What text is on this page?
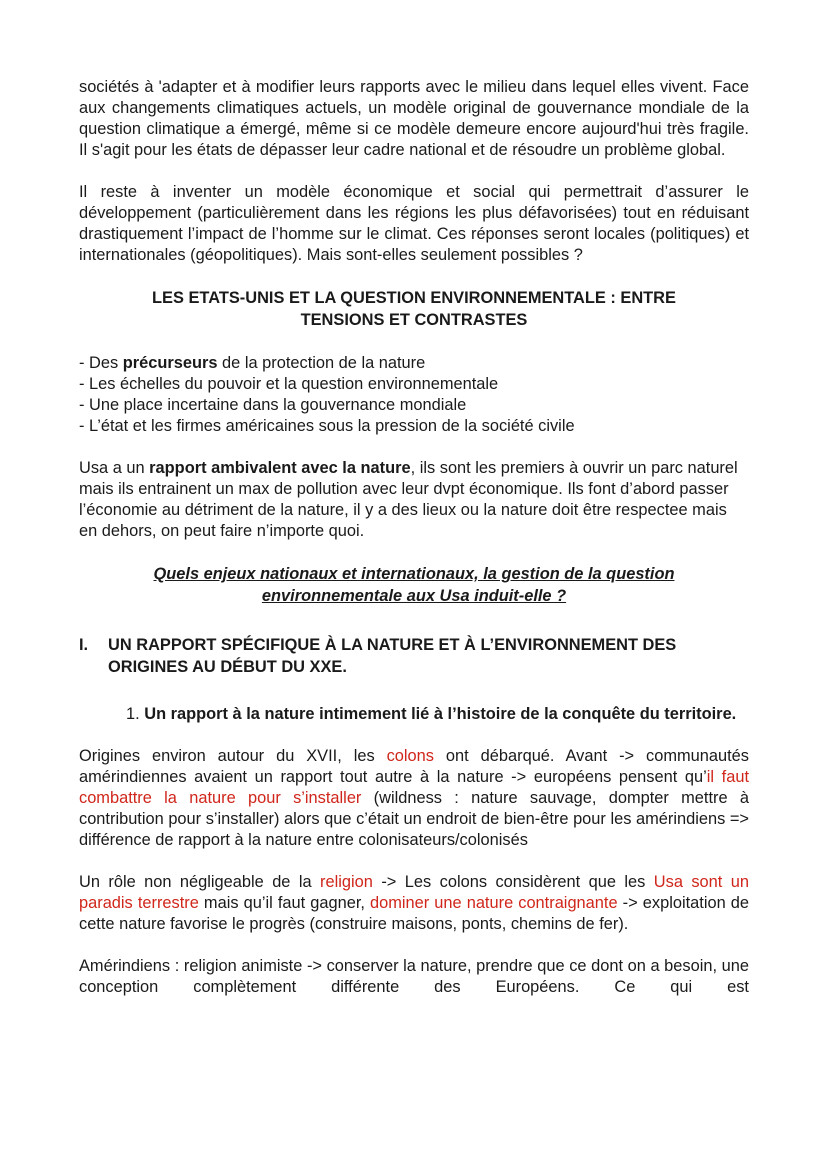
sociétés à 'adapter et à modifier leurs rapports avec le milieu dans lequel elles vivent. Face aux changements climatiques actuels, un modèle original de gouvernance mondiale de la question climatique a émergé, même si ce modèle demeure encore aujourd'hui très fragile. Il s'agit pour les états de dépasser leur cadre national et de résoudre un problème global.

Il reste à inventer un modèle économique et social qui permettrait d’assurer le développement (particulièrement dans les régions les plus défavorisées) tout en réduisant drastiquement l’impact de l’homme sur le climat. Ces réponses seront locales (politiques) et internationales (géopolitiques). Mais sont-elles seulement possibles ?

LES ETATS-UNIS ET LA QUESTION ENVIRONNEMENTALE : ENTRE TENSIONS ET CONTRASTES
- Des précurseurs de la protection de la nature
- Les échelles du pouvoir et la question environnementale
- Une place incertaine dans la gouvernance mondiale
- L’état et les firmes américaines sous la pression de la société civile

Usa a un rapport ambivalent avec la nature, ils sont les premiers à ouvrir un parc naturel mais ils entrainent un max de pollution avec leur dvpt économique. Ils font d’abord passer l’économie au détriment de la nature, il y a des lieux ou la nature doit être respectee mais en dehors, on peut faire n’importe quoi.

Quels enjeux nationaux et internationaux, la gestion de la question
environnementale aux Usa induit-elle ?
I.	UN RAPPORT SPÉCIFIQUE À LA NATURE ET À L’ENVIRONNEMENT DES ORIGINES AU DÉBUT DU XXE.

1. Un rapport à la nature intimement lié à l’histoire de la conquête du territoire.

Origines environ autour du XVII, les colons ont débarqué. Avant -> communautés amérindiennes avaient un rapport tout autre à la nature -> européens pensent qu’il faut combattre la nature pour s’installer (wildness : nature sauvage, dompter mettre à contribution pour s’installer) alors que c’était un endroit de bien-être pour les amérindiens => différence de rapport à la nature entre colonisateurs/colonisés

Un rôle non négligeable de la religion -> Les colons considèrent que les Usa sont un paradis terrestre mais qu’il faut gagner, dominer une nature contraignante -> exploitation de cette nature favorise le progrès (construire maisons, ponts, chemins de fer).

Amérindiens : religion animiste -> conserver la nature, prendre que ce dont on a besoin, une conception complètement différente des Européens. Ce qui est
